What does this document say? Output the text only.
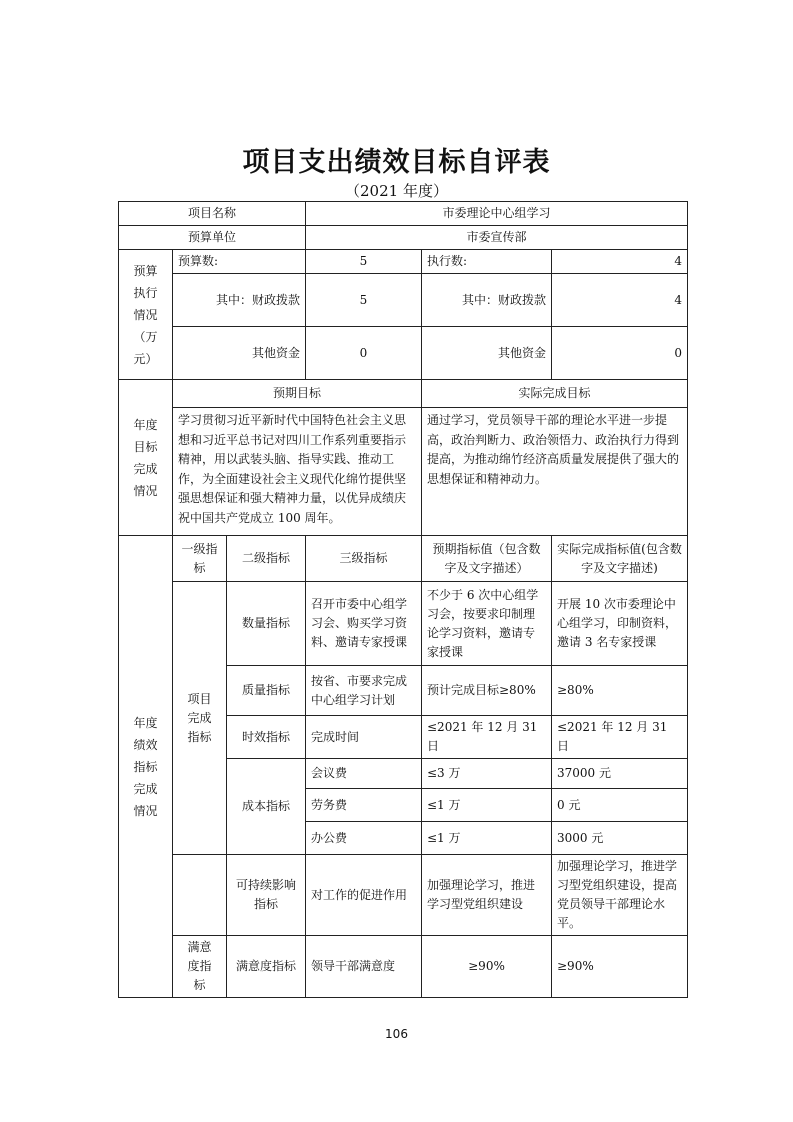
项目支出绩效目标自评表
（2021 年度）
项目名称			市委理论中心组学习		
预算单位			市委宣传部		
预算执行情况（万元）	预算数:		5	执行数:	4
	其中：财政拨款		5	其中：财政拨款	4
	其他资金		0	其他资金	0
年度目标完成情况	预期目标			实际完成目标	
	学习贯彻习近平新时代中国特色社会主义思想和习近平总书记对四川工作系列重要指示精神，用以武装头脑、指导实践、推动工作，为全面建设社会主义现代化绵竹提供坚强思想保证和强大精神力量，以优异成绩庆祝中国共产党成立 100 周年。			通过学习，党员领导干部的理论水平进一步提高，政治判断力、政治领悟力、政治执行力得到提高，为推动绵竹经济高质量发展提供了强大的思想保证和精神动力。	
年度绩效指标完成情况	一级指标	二级指标	三级指标	预期指标值（包含数字及文字描述）	实际完成指标值(包含数字及文字描述)
	项目完成指标	数量指标	召开市委中心组学习会、购买学习资料、邀请专家授课	不少于 6 次中心组学习会，按要求印制理论学习资料，邀请专家授课	开展 10 次市委理论中心组学习，印制资料，邀请 3 名专家授课
		质量指标	按省、市要求完成中心组学习计划	预计完成目标≥80%	≥80%
		时效指标	完成时间	≤2021 年 12 月 31 日	≤2021 年 12 月 31 日
		成本指标	会议费	≤3 万	37000 元
			劳务费	≤1 万	0 元
			办公费	≤1 万	3000 元
		可持续影响指标	对工作的促进作用	加强理论学习，推进学习型党组织建设	加强理论学习，推进学习型党组织建设，提高党员领导干部理论水平。
	满意度指标	满意度指标	领导干部满意度	≥90%	≥90%
106
